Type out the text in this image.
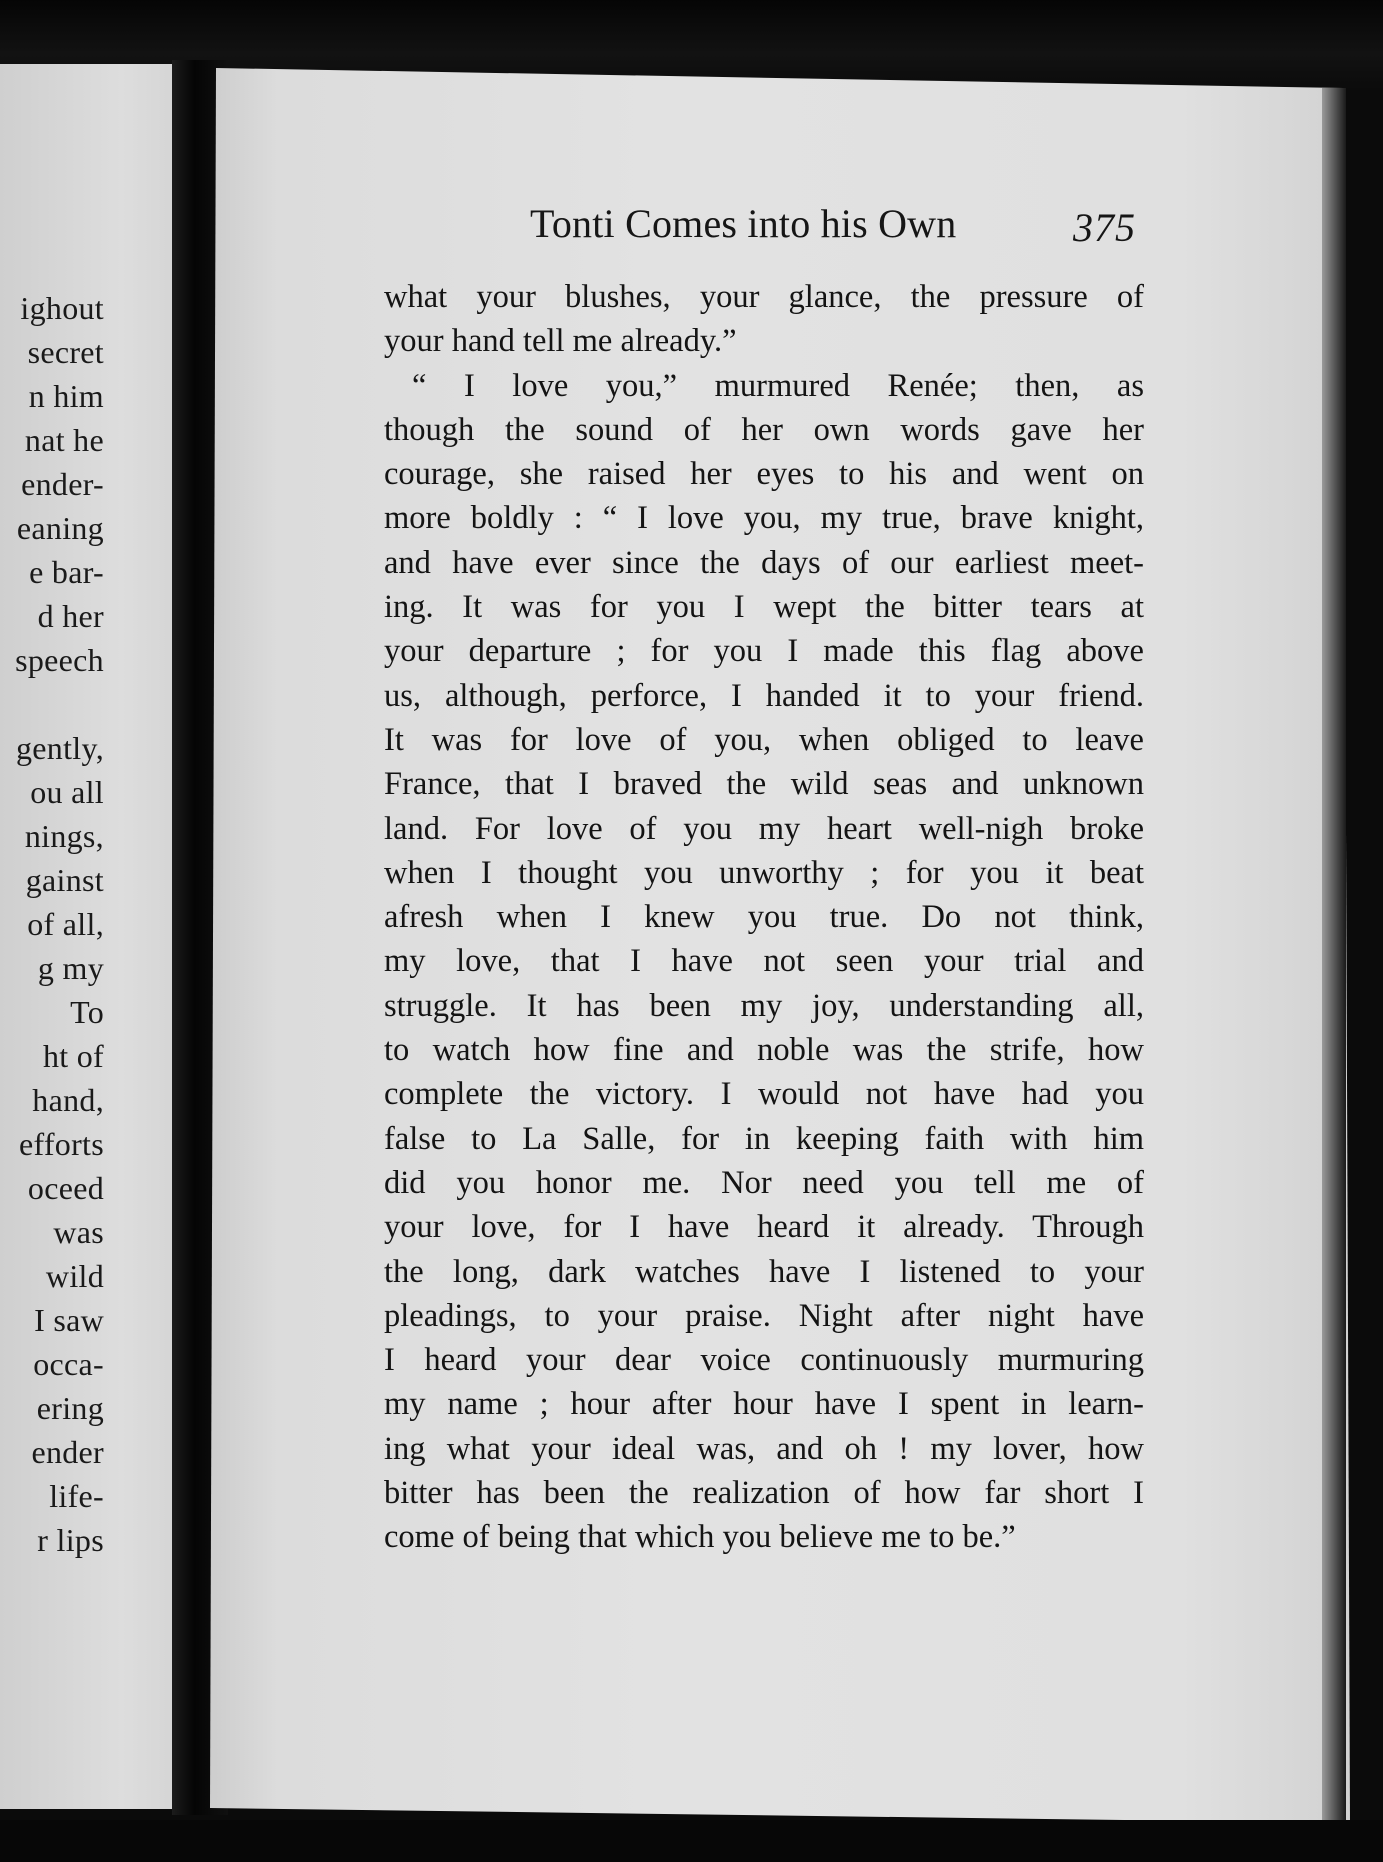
ighout
secret
n him
nat he
ender-
eaning
e bar-
d her
speech
gently,
ou all
nings,
gainst
of all,
g my
To
ht of
hand,
efforts
oceed
was
wild
I saw
occa-
ering
ender
life-
r lips
Tonti Comes into his Own	375
what your blushes, your glance, the pressure of
your hand tell me already.”
“ I love you,” murmured Renée; then, as
though the sound of her own words gave her
courage, she raised her eyes to his and went on
more boldly : “ I love you, my true, brave knight,
and have ever since the days of our earliest meet-
ing. It was for you I wept the bitter tears at
your departure ; for you I made this flag above
us, although, perforce, I handed it to your friend.
It was for love of you, when obliged to leave
France, that I braved the wild seas and unknown
land. For love of you my heart well-nigh broke
when I thought you unworthy ; for you it beat
afresh when I knew you true. Do not think,
my love, that I have not seen your trial and
struggle. It has been my joy, understanding all,
to watch how fine and noble was the strife, how
complete the victory. I would not have had you
false to La Salle, for in keeping faith with him
did you honor me. Nor need you tell me of
your love, for I have heard it already. Through
the long, dark watches have I listened to your
pleadings, to your praise. Night after night have
I heard your dear voice continuously murmuring
my name ; hour after hour have I spent in learn-
ing what your ideal was, and oh ! my lover, how
bitter has been the realization of how far short I
come of being that which you believe me to be.”
